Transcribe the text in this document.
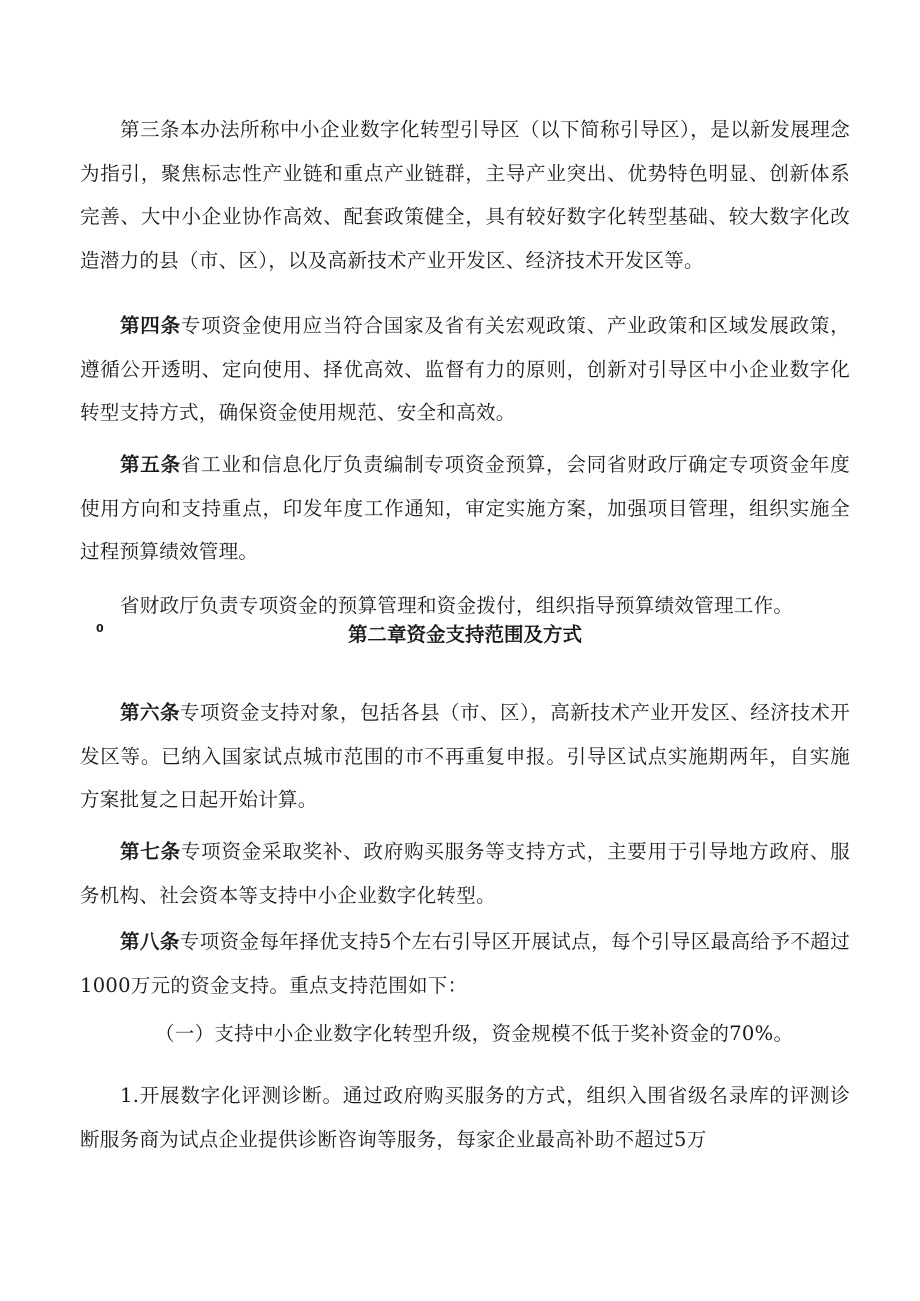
第三条本办法所称中小企业数字化转型引导区（以下简称引导区），是以新发展理念为指引，聚焦标志性产业链和重点产业链群，主导产业突出、优势特色明显、创新体系完善、大中小企业协作高效、配套政策健全，具有较好数字化转型基础、较大数字化改造潜力的县（市、区），以及高新技术产业开发区、经济技术开发区等。

第四条专项资金使用应当符合国家及省有关宏观政策、产业政策和区域发展政策，遵循公开透明、定向使用、择优高效、监督有力的原则，创新对引导区中小企业数字化转型支持方式，确保资金使用规范、安全和高效。

第五条省工业和信息化厅负责编制专项资金预算，会同省财政厅确定专项资金年度使用方向和支持重点，印发年度工作通知，审定实施方案，加强项目管理，组织实施全过程预算绩效管理。

省财政厅负责专项资金的预算管理和资金拨付，组织指导预算绩效管理工作。

0	第二章资金支持范围及方式

第六条专项资金支持对象，包括各县（市、区），高新技术产业开发区、经济技术开发区等。已纳入国家试点城市范围的市不再重复申报。引导区试点实施期两年，自实施方案批复之日起开始计算。

第七条专项资金采取奖补、政府购买服务等支持方式，主要用于引导地方政府、服务机构、社会资本等支持中小企业数字化转型。

第八条专项资金每年择优支持5个左右引导区开展试点，每个引导区最高给予不超过1000万元的资金支持。重点支持范围如下：

（一）支持中小企业数字化转型升级，资金规模不低于奖补资金的70%。

1.开展数字化评测诊断。通过政府购买服务的方式，组织入围省级名录库的评测诊断服务商为试点企业提供诊断咨询等服务，每家企业最高补助不超过5万
